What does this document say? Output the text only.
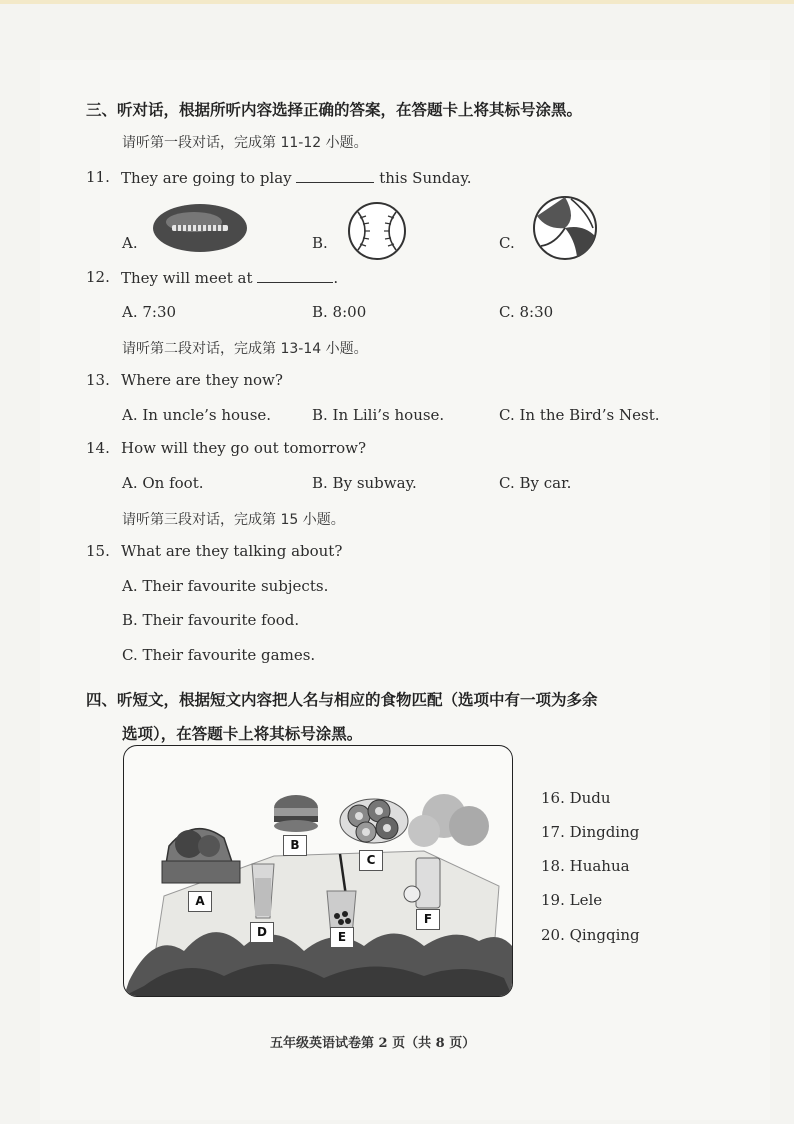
三、听对话，根据所听内容选择正确的答案，在答题卡上将其标号涂黑。
请听第一段对话，完成第 11-12 小题。
11. They are going to play	this Sunday.
A.	B.	C.
12. They will meet at	.
A. 7:30	B. 8:00	C. 8:30
请听第二段对话，完成第 13-14 小题。
13. Where are they now?
A. In uncle’s house.	B. In Lili’s house.	C. In the Bird’s Nest.
14. How will they go out tomorrow?
A. On foot.	B. By subway.	C. By car.
请听第三段对话，完成第 15 小题。
15. What are they talking about?
A. Their favourite subjects.
B. Their favourite food.
C. Their favourite games.
四、听短文，根据短文内容把人名与相应的食物匹配（选项中有一项为多余
选项），在答题卡上将其标号涂黑。
A
B
C
D	E
F
16. Dudu
17. Dingding
18. Huahua
19. Lele
20. Qingqing
五年级英语试卷第 2 页（共 8 页）
